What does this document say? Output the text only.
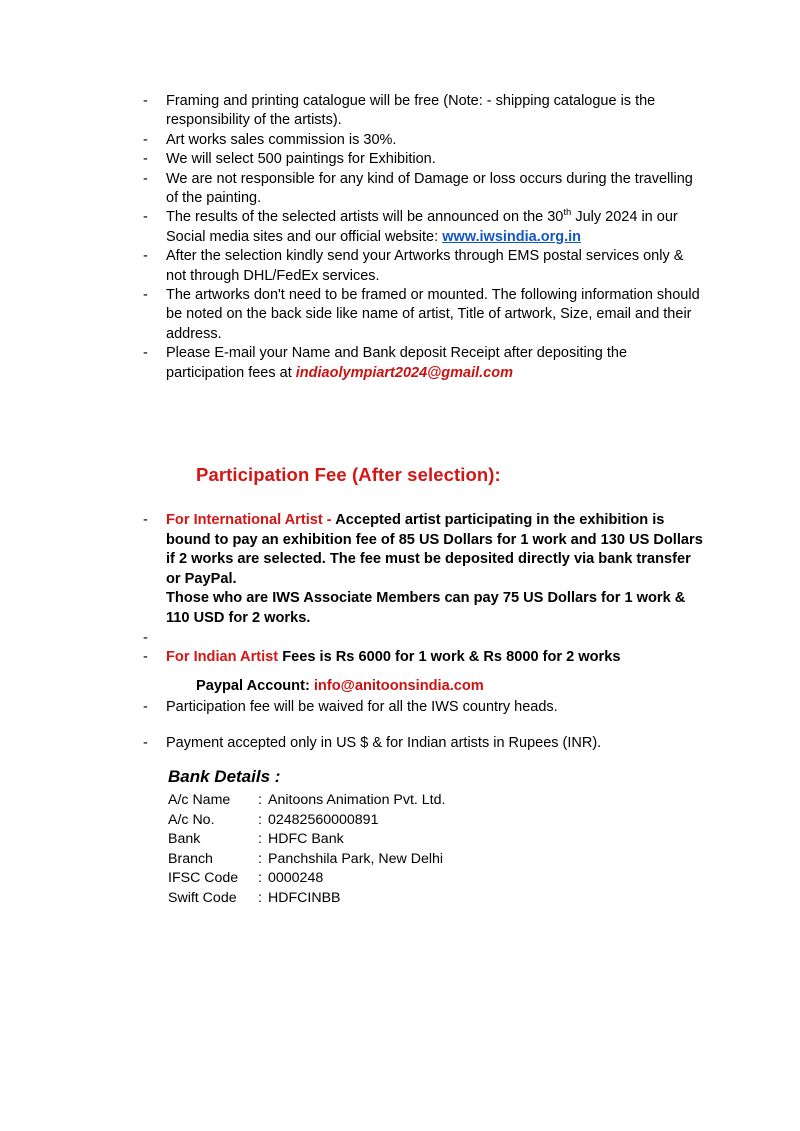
-	Framing and printing catalogue will be free (Note: - shipping catalogue is the responsibility of the artists).
-	Art works sales commission is 30%.
-	We will select 500 paintings for Exhibition.
-	We are not responsible for any kind of Damage or loss occurs during the travelling of the painting.
-	The results of the selected artists will be announced on the 30th July 2024 in our Social media sites and our official website: www.iwsindia.org.in
-	After the selection kindly send your Artworks through EMS postal services only & not through DHL/FedEx services.
-	The artworks don't need to be framed or mounted. The following information should be noted on the back side like name of artist, Title of artwork, Size, email and their address.
-	Please E-mail your Name and Bank deposit Receipt after depositing the participation fees at indiaolympiart2024@gmail.com
Participation Fee (After selection):
-	For International Artist - Accepted artist participating in the exhibition is bound to pay an exhibition fee of 85 US Dollars for 1 work and 130 US Dollars if 2 works are selected. The fee must be deposited directly via bank transfer or PayPal.
Those who are IWS Associate Members can pay 75 US Dollars for 1 work & 110 USD for 2 works.
-
-	For Indian Artist Fees is Rs 6000 for 1 work & Rs 8000 for 2 works
Paypal Account: info@anitoonsindia.com
-	Participation fee will be waived for all the IWS country heads.
-	Payment accepted only in US $ & for Indian artists in Rupees (INR).
Bank Details :
A/c Name	:	Anitoons Animation Pvt. Ltd.
A/c No.	:	02482560000891
Bank	:	HDFC Bank
Branch	:	Panchshila Park, New Delhi
IFSC Code	:	0000248
Swift Code	:	HDFCINBB
